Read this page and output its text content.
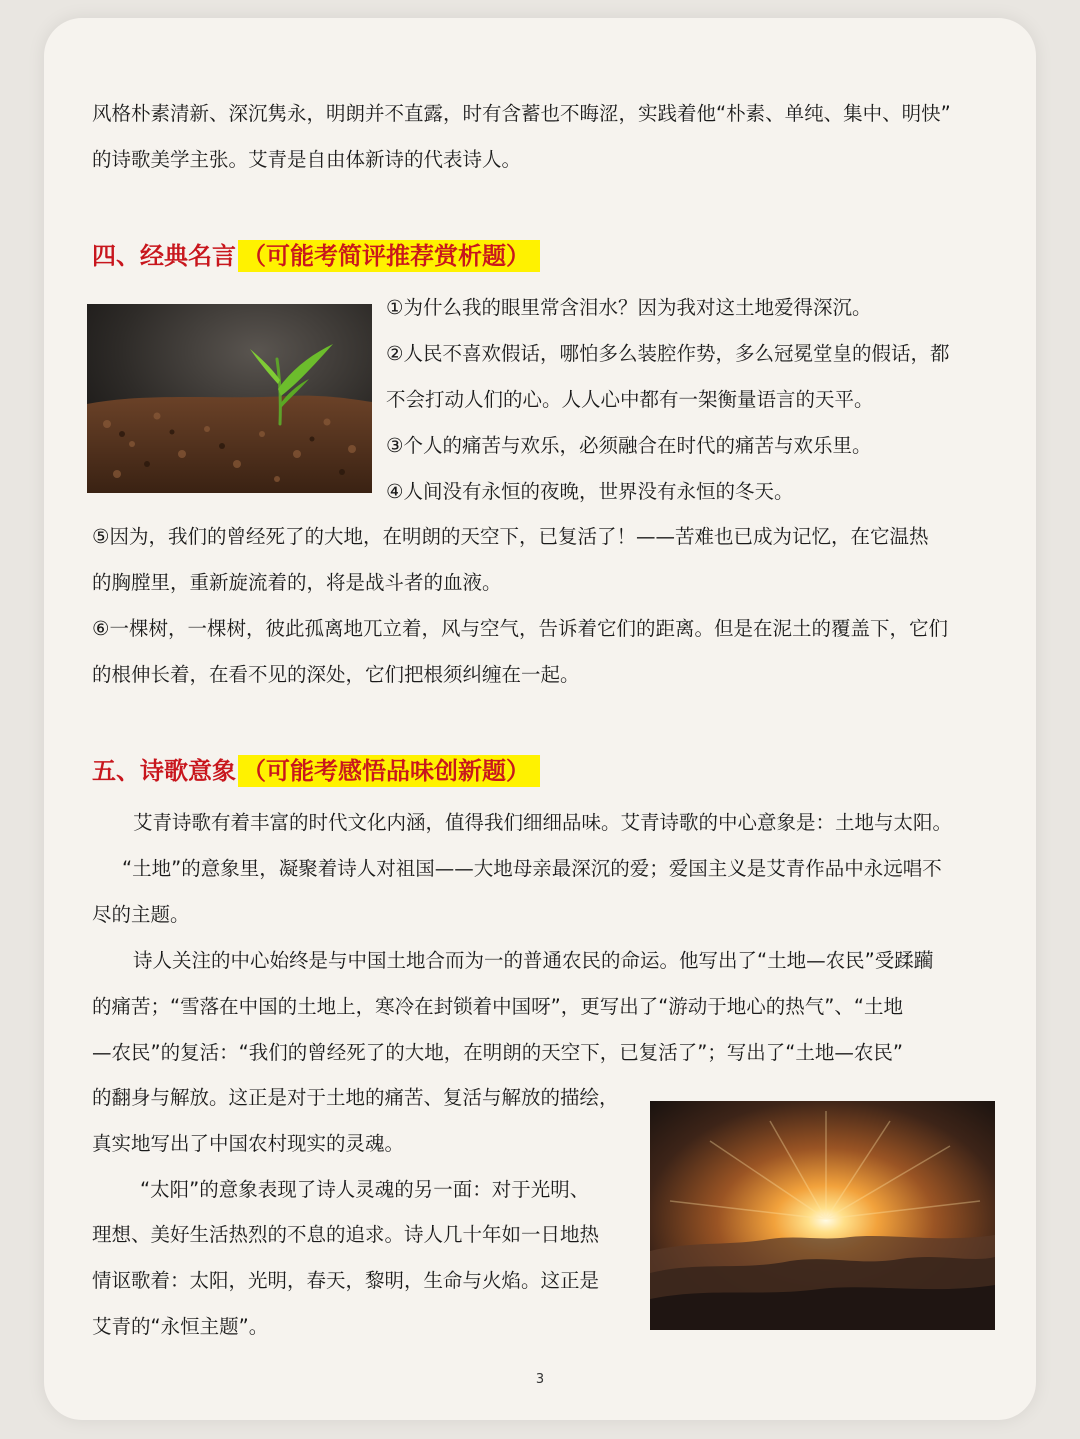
风格朴素清新、深沉隽永，明朗并不直露，时有含蓄也不晦涩，实践着他“朴素、单纯、集中、明快”

的诗歌美学主张。艾青是自由体新诗的代表诗人。

四、经典名言 （可能考简评推荐赏析题）

①为什么我的眼里常含泪水？因为我对这土地爱得深沉。

②人民不喜欢假话，哪怕多么装腔作势，多么冠冕堂皇的假话，都

不会打动人们的心。人人心中都有一架衡量语言的天平。

③个人的痛苦与欢乐，必须融合在时代的痛苦与欢乐里。

④人间没有永恒的夜晚，世界没有永恒的冬天。

⑤因为，我们的曾经死了的大地，在明朗的天空下，已复活了！——苦难也已成为记忆，在它温热

的胸膛里，重新旋流着的，将是战斗者的血液。

⑥一棵树，一棵树，彼此孤离地兀立着，风与空气，告诉着它们的距离。但是在泥土的覆盖下，它们

的根伸长着，在看不见的深处，它们把根须纠缠在一起。

五、诗歌意象 （可能考感悟品味创新题）

艾青诗歌有着丰富的时代文化内涵，值得我们细细品味。艾青诗歌的中心意象是：土地与太阳。

“土地”的意象里，凝聚着诗人对祖国——大地母亲最深沉的爱；爱国主义是艾青作品中永远唱不

尽的主题。

诗人关注的中心始终是与中国土地合而为一的普通农民的命运。他写出了“土地—农民”受蹂躏

的痛苦；“雪落在中国的土地上，寒冷在封锁着中国呀”，更写出了“游动于地心的热气”、“土地

—农民”的复活：“我们的曾经死了的大地，在明朗的天空下，已复活了”；写出了“土地—农民”

的翻身与解放。这正是对于土地的痛苦、复活与解放的描绘，

真实地写出了中国农村现实的灵魂。

“太阳”的意象表现了诗人灵魂的另一面：对于光明、

理想、美好生活热烈的不息的追求。诗人几十年如一日地热

情讴歌着：太阳，光明，春天，黎明，生命与火焰。这正是

艾青的“永恒主题”。

3
